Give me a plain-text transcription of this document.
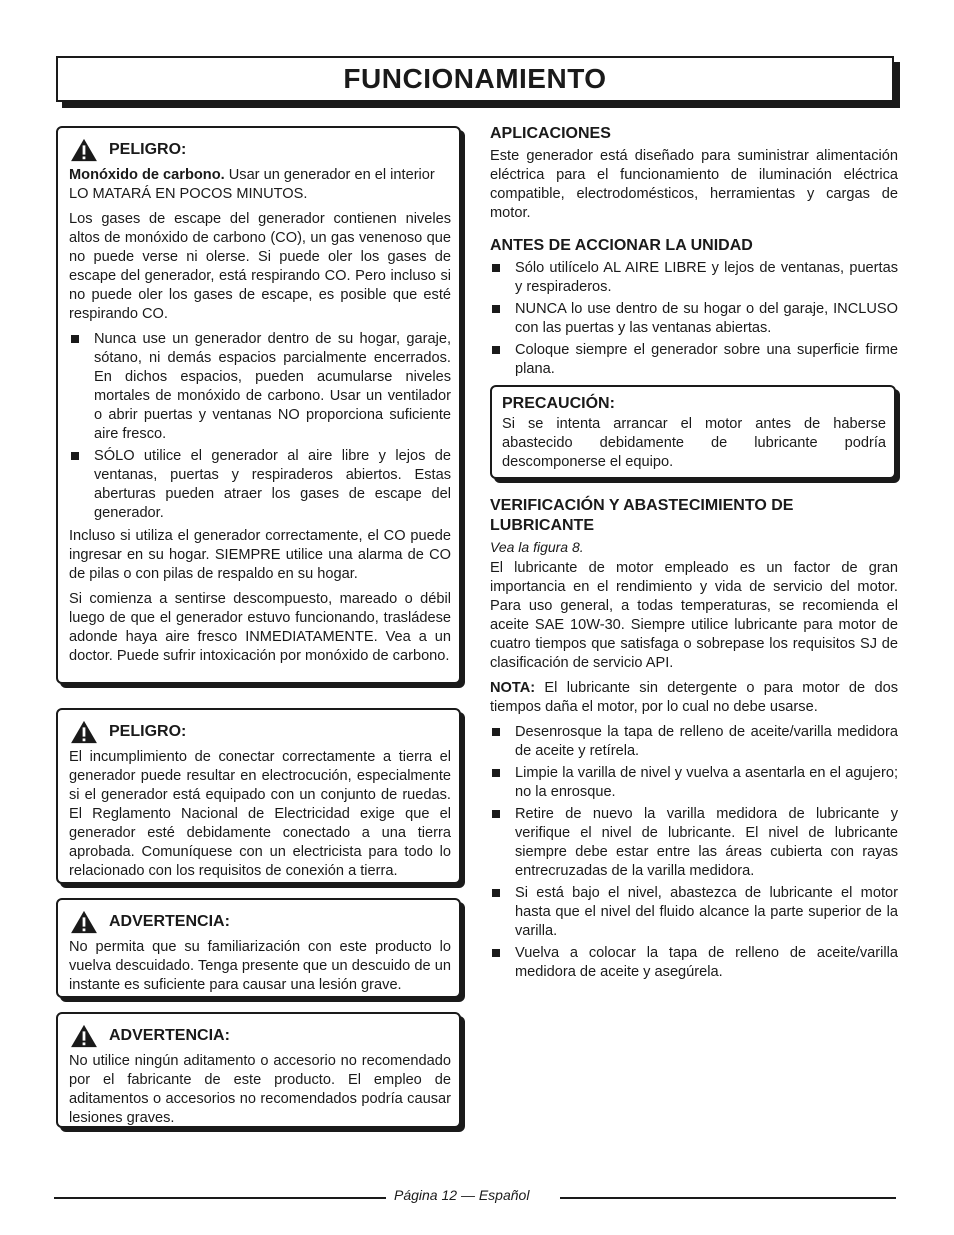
FUNCIONAMIENTO
PELIGRO:

Monóxido de carbono. Usar un generador en el interior LO MATARÁ EN POCOS MINUTOS.

Los gases de escape del generador contienen niveles altos de monóxido de carbono (CO), un gas venenoso que no puede verse ni olerse. Si puede oler los gases de escape del generador, está respirando CO. Pero incluso si no puede oler los gases de escape, es posible que esté respirando CO.

Nunca use un generador dentro de su hogar, garaje, sótano, ni demás espacios parcialmente encerrados. En dichos espacios, pueden acumularse niveles mortales de monóxido de carbono. Usar un ventilador o abrir puertas y ventanas NO proporciona suficiente aire fresco.
SÓLO utilice el generador al aire libre y lejos de ventanas, puertas y respiraderos abiertos. Estas aberturas pueden atraer los gases de escape del generador.

Incluso si utiliza el generador correctamente, el CO puede ingresar en su hogar. SIEMPRE utilice una alarma de CO de pilas o con pilas de respaldo en su hogar.

Si comienza a sentirse descompuesto, mareado o débil luego de que el generador estuvo funcionando, trasládese adonde haya aire fresco INMEDIATAMENTE. Vea a un doctor. Puede sufrir intoxicación por monóxido de carbono.

PELIGRO:

El incumplimiento de conectar correctamente a tierra el generador puede resultar en electrocución, especialmente si el generador está equipado con un conjunto de ruedas. El Reglamento Nacional de Electricidad exige que el generador esté debidamente conectado a una tierra aprobada. Comuníquese con un electricista para todo lo relacionado con los requisitos de conexión a tierra.

ADVERTENCIA:

No permita que su familiarización con este producto lo vuelva descuidado. Tenga presente que un descuido de un instante es suficiente para causar una lesión grave.

ADVERTENCIA:

No utilice ningún aditamento o accesorio no recomendado por el fabricante de este producto. El empleo de aditamentos o accesorios no recomendados podría causar lesiones graves.

APLICACIONES

Este generador está diseñado para suministrar alimentación eléctrica para el funcionamiento de iluminación eléctrica compatible, electrodomésticos, herramientas y cargas de motor.

ANTES DE ACCIONAR LA UNIDAD
Sólo utilícelo AL AIRE LIBRE y lejos de ventanas, puertas y respiraderos.
NUNCA lo use dentro de su hogar o del garaje, INCLUSO con las puertas y las ventanas abiertas.
Coloque siempre el generador sobre una superficie firme plana.
PRECAUCIÓN:

Si se intenta arrancar el motor antes de haberse abastecido debidamente de lubricante podría descomponerse el equipo.

VERIFICACIÓN Y ABASTECIMIENTO DE LUBRICANTE

Vea la figura 8.

El lubricante de motor empleado es un factor de gran importancia en el rendimiento y vida de servicio del motor. Para uso general, a todas temperaturas, se recomienda el aceite SAE 10W-30. Siempre utilice lubricante para motor de cuatro tiempos que satisfaga o sobrepase los requisitos SJ de clasificación de servicio API.

NOTA: El lubricante sin detergente o para motor de dos tiempos daña el motor, por lo cual no debe usarse.

Desenrosque la tapa de relleno de aceite/varilla medidora de aceite y retírela.
Limpie la varilla de nivel y vuelva a asentarla en el agujero; no la enrosque.
Retire de nuevo la varilla medidora de lubricante y verifique el nivel de lubricante. El nivel de lubricante siempre debe estar entre las áreas cubierta con rayas entrecruzadas de la varilla medidora.
Si está bajo el nivel, abastezca de lubricante el motor hasta que el nivel del fluido alcance la parte superior de la varilla.
Vuelva a colocar la tapa de relleno de aceite/varilla medidora de aceite y asegúrela.
Página 12 — Español
